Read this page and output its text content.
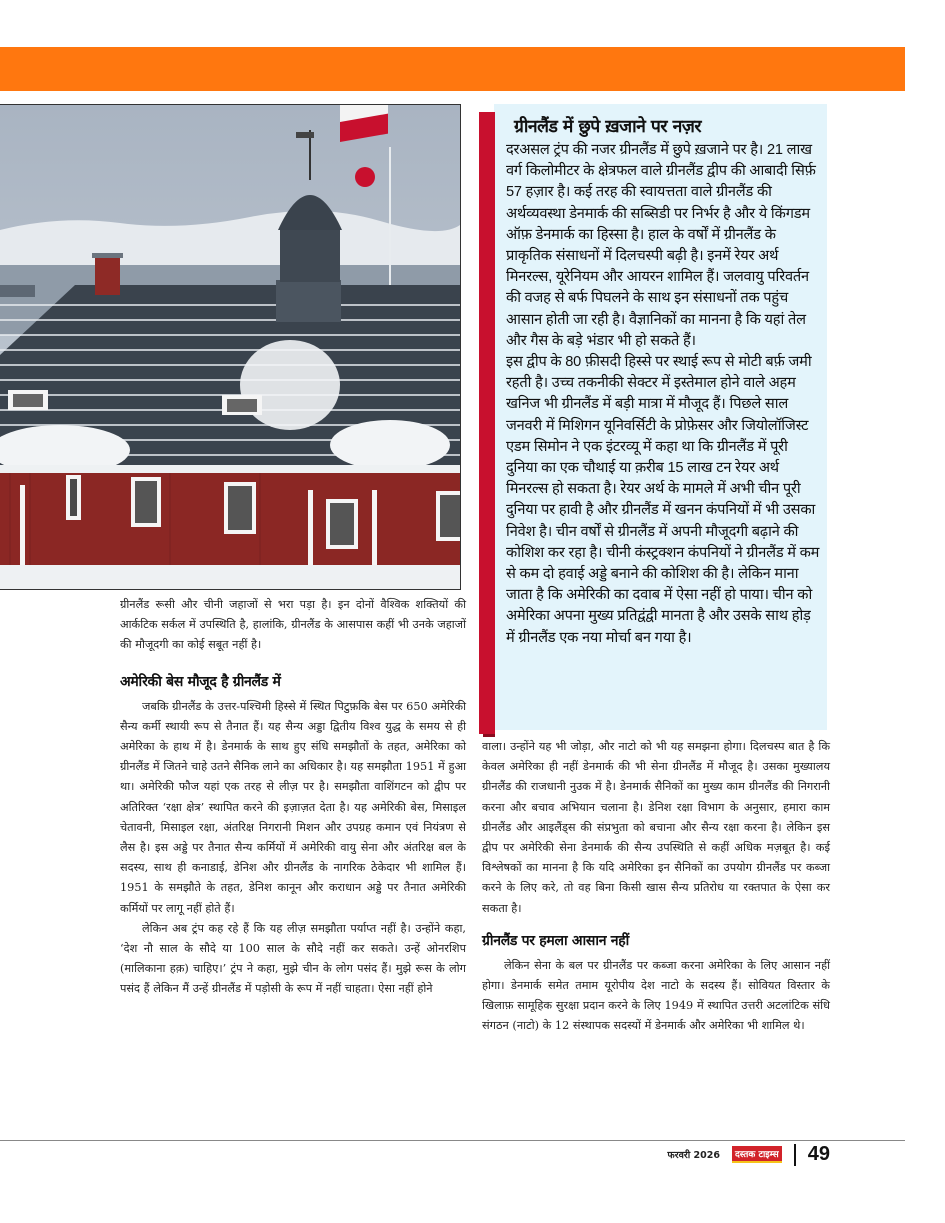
ग्रीनलैंड रूसी और चीनी जहाजों से भरा पड़ा है। इन दोनों वैश्विक शक्तियों की आर्कटिक सर्कल में उपस्थिति है, हालांकि, ग्रीनलैंड के आसपास कहीं भी उनके जहाजों की मौजूदगी का कोई सबूत नहीं है।

अमेरिकी बेस मौजूद है ग्रीनलैंड में

जबकि ग्रीनलैंड के उत्तर-पश्चिमी हिस्से में स्थित पिटुफ़कि बेस पर 650 अमेरिकी सैन्य कर्मी स्थायी रूप से तैनात हैं। यह सैन्य अड्डा द्वितीय विश्व युद्ध के समय से ही अमेरिका के हाथ में है। डेनमार्क के साथ हुए संधि समझौतों के तहत, अमेरिका को ग्रीनलैंड में जितने चाहे उतने सैनिक लाने का अधिकार है। यह समझौता 1951 में हुआ था। अमेरिकी फौज यहां एक तरह से लीज़ पर है। समझौता वाशिंगटन को द्वीप पर अतिरिक्त ‘रक्षा क्षेत्र’ स्थापित करने की इज़ाज़त देता है। यह अमेरिकी बेस, मिसाइल चेतावनी, मिसाइल रक्षा, अंतरिक्ष निगरानी मिशन और उपग्रह कमान एवं नियंत्रण से लैस है। इस अड्डे पर तैनात सैन्य कर्मियों में अमेरिकी वायु सेना और अंतरिक्ष बल के सदस्य, साथ ही कनाडाई, डेनिश और ग्रीनलैंड के नागरिक ठेकेदार भी शामिल हैं। 1951 के समझौते के तहत, डेनिश कानून और कराधान अड्डे पर तैनात अमेरिकी कर्मियों पर लागू नहीं होते हैं।

लेकिन अब ट्रंप कह रहे हैं कि यह लीज़ समझौता पर्याप्त नहीं है। उन्होंने कहा, ‘देश नौ साल के सौदे या 100 साल के सौदे नहीं कर सकते। उन्हें ओनरशिप (मालिकाना हक़) चाहिए।’ ट्रंप ने कहा, मुझे चीन के लोग पसंद हैं। मुझे रूस के लोग पसंद हैं लेकिन मैं उन्हें ग्रीनलैंड में पड़ोसी के रूप में नहीं चाहता। ऐसा नहीं होने

ग्रीनलैंड में छुपे ख़जाने पर नज़र

दरअसल ट्रंप की नजर ग्रीनलैंड में छुपे ख़जाने पर है। 21 लाख वर्ग किलोमीटर के क्षेत्रफल वाले ग्रीनलैंड द्वीप की आबादी सिर्फ़ 57 हज़ार है। कई तरह की स्वायत्तता वाले ग्रीनलैंड की अर्थव्यवस्था डेनमार्क की सब्सिडी पर निर्भर है और ये किंगडम ऑफ़ डेनमार्क का हिस्सा है। हाल के वर्षों में ग्रीनलैंड के प्राकृतिक संसाधनों में दिलचस्पी बढ़ी है। इनमें रेयर अर्थ मिनरल्स, यूरेनियम और आयरन शामिल हैं। जलवायु परिवर्तन की वजह से बर्फ पिघलने के साथ इन संसाधनों तक पहुंच आसान होती जा रही है। वैज्ञानिकों का मानना है कि यहां तेल और गैस के बड़े भंडार भी हो सकते हैं।

इस द्वीप के 80 फ़ीसदी हिस्से पर स्थाई रूप से मोटी बर्फ़ जमी रहती है। उच्च तकनीकी सेक्टर में इस्तेमाल होने वाले अहम खनिज भी ग्रीनलैंड में बड़ी मात्रा में मौजूद हैं। पिछले साल जनवरी में मिशिगन यूनिवर्सिटी के प्रोफ़ेसर और जियोलॉजिस्ट एडम सिमोन ने एक इंटरव्यू में कहा था कि ग्रीनलैंड में पूरी दुनिया का एक चौथाई या क़रीब 15 लाख टन रेयर अर्थ मिनरल्स हो सकता है। रेयर अर्थ के मामले में अभी चीन पूरी दुनिया पर हावी है और ग्रीनलैंड में खनन कंपनियों में भी उसका निवेश है। चीन वर्षों से ग्रीनलैंड में अपनी मौजूदगी बढ़ाने की कोशिश कर रहा है। चीनी कंस्ट्रक्शन कंपनियों ने ग्रीनलैंड में कम से कम दो हवाई अड्डे बनाने की कोशिश की है। लेकिन माना जाता है कि अमेरिकी का दवाब में ऐसा नहीं हो पाया। चीन को अमेरिका अपना मुख्य प्रतिद्वंद्वी मानता है और उसके साथ होड़ में ग्रीनलैंड एक नया मोर्चा बन गया है।

वाला। उन्होंने यह भी जोड़ा, और नाटो को भी यह समझना होगा। दिलचस्प बात है कि केवल अमेरिका ही नहीं डेनमार्क की भी सेना ग्रीनलैंड में मौजूद है। उसका मुख्यालय ग्रीनलैंड की राजधानी नुउक में है। डेनमार्क सैनिकों का मुख्य काम ग्रीनलैंड की निगरानी करना और बचाव अभियान चलाना है। डेनिश रक्षा विभाग के अनुसार, हमारा काम ग्रीनलैंड और आइलैंड्स की संप्रभुता को बचाना और सैन्य रक्षा करना है। लेकिन इस द्वीप पर अमेरिकी सेना डेनमार्क की सैन्य उपस्थिति से कहीं अधिक मज़बूत है। कई विश्लेषकों का मानना है कि यदि अमेरिका इन सैनिकों का उपयोग ग्रीनलैंड पर कब्जा करने के लिए करे, तो वह बिना किसी खास सैन्य प्रतिरोध या रक्तपात के ऐसा कर सकता है।

ग्रीनलैंड पर हमला आसान नहीं

लेकिन सेना के बल पर ग्रीनलैंड पर कब्जा करना अमेरिका के लिए आसान नहीं होगा। डेनमार्क समेत तमाम यूरोपीय देश नाटो के सदस्य हैं। सोवियत विस्तार के खिलाफ़ सामूहिक सुरक्षा प्रदान करने के लिए 1949 में स्थापित उत्तरी अटलांटिक संधि संगठन (नाटो) के 12 संस्थापक सदस्यों में डेनमार्क और अमेरिका भी शामिल थे।

फरवरी 2026	दस्तक टाइम्स 49
